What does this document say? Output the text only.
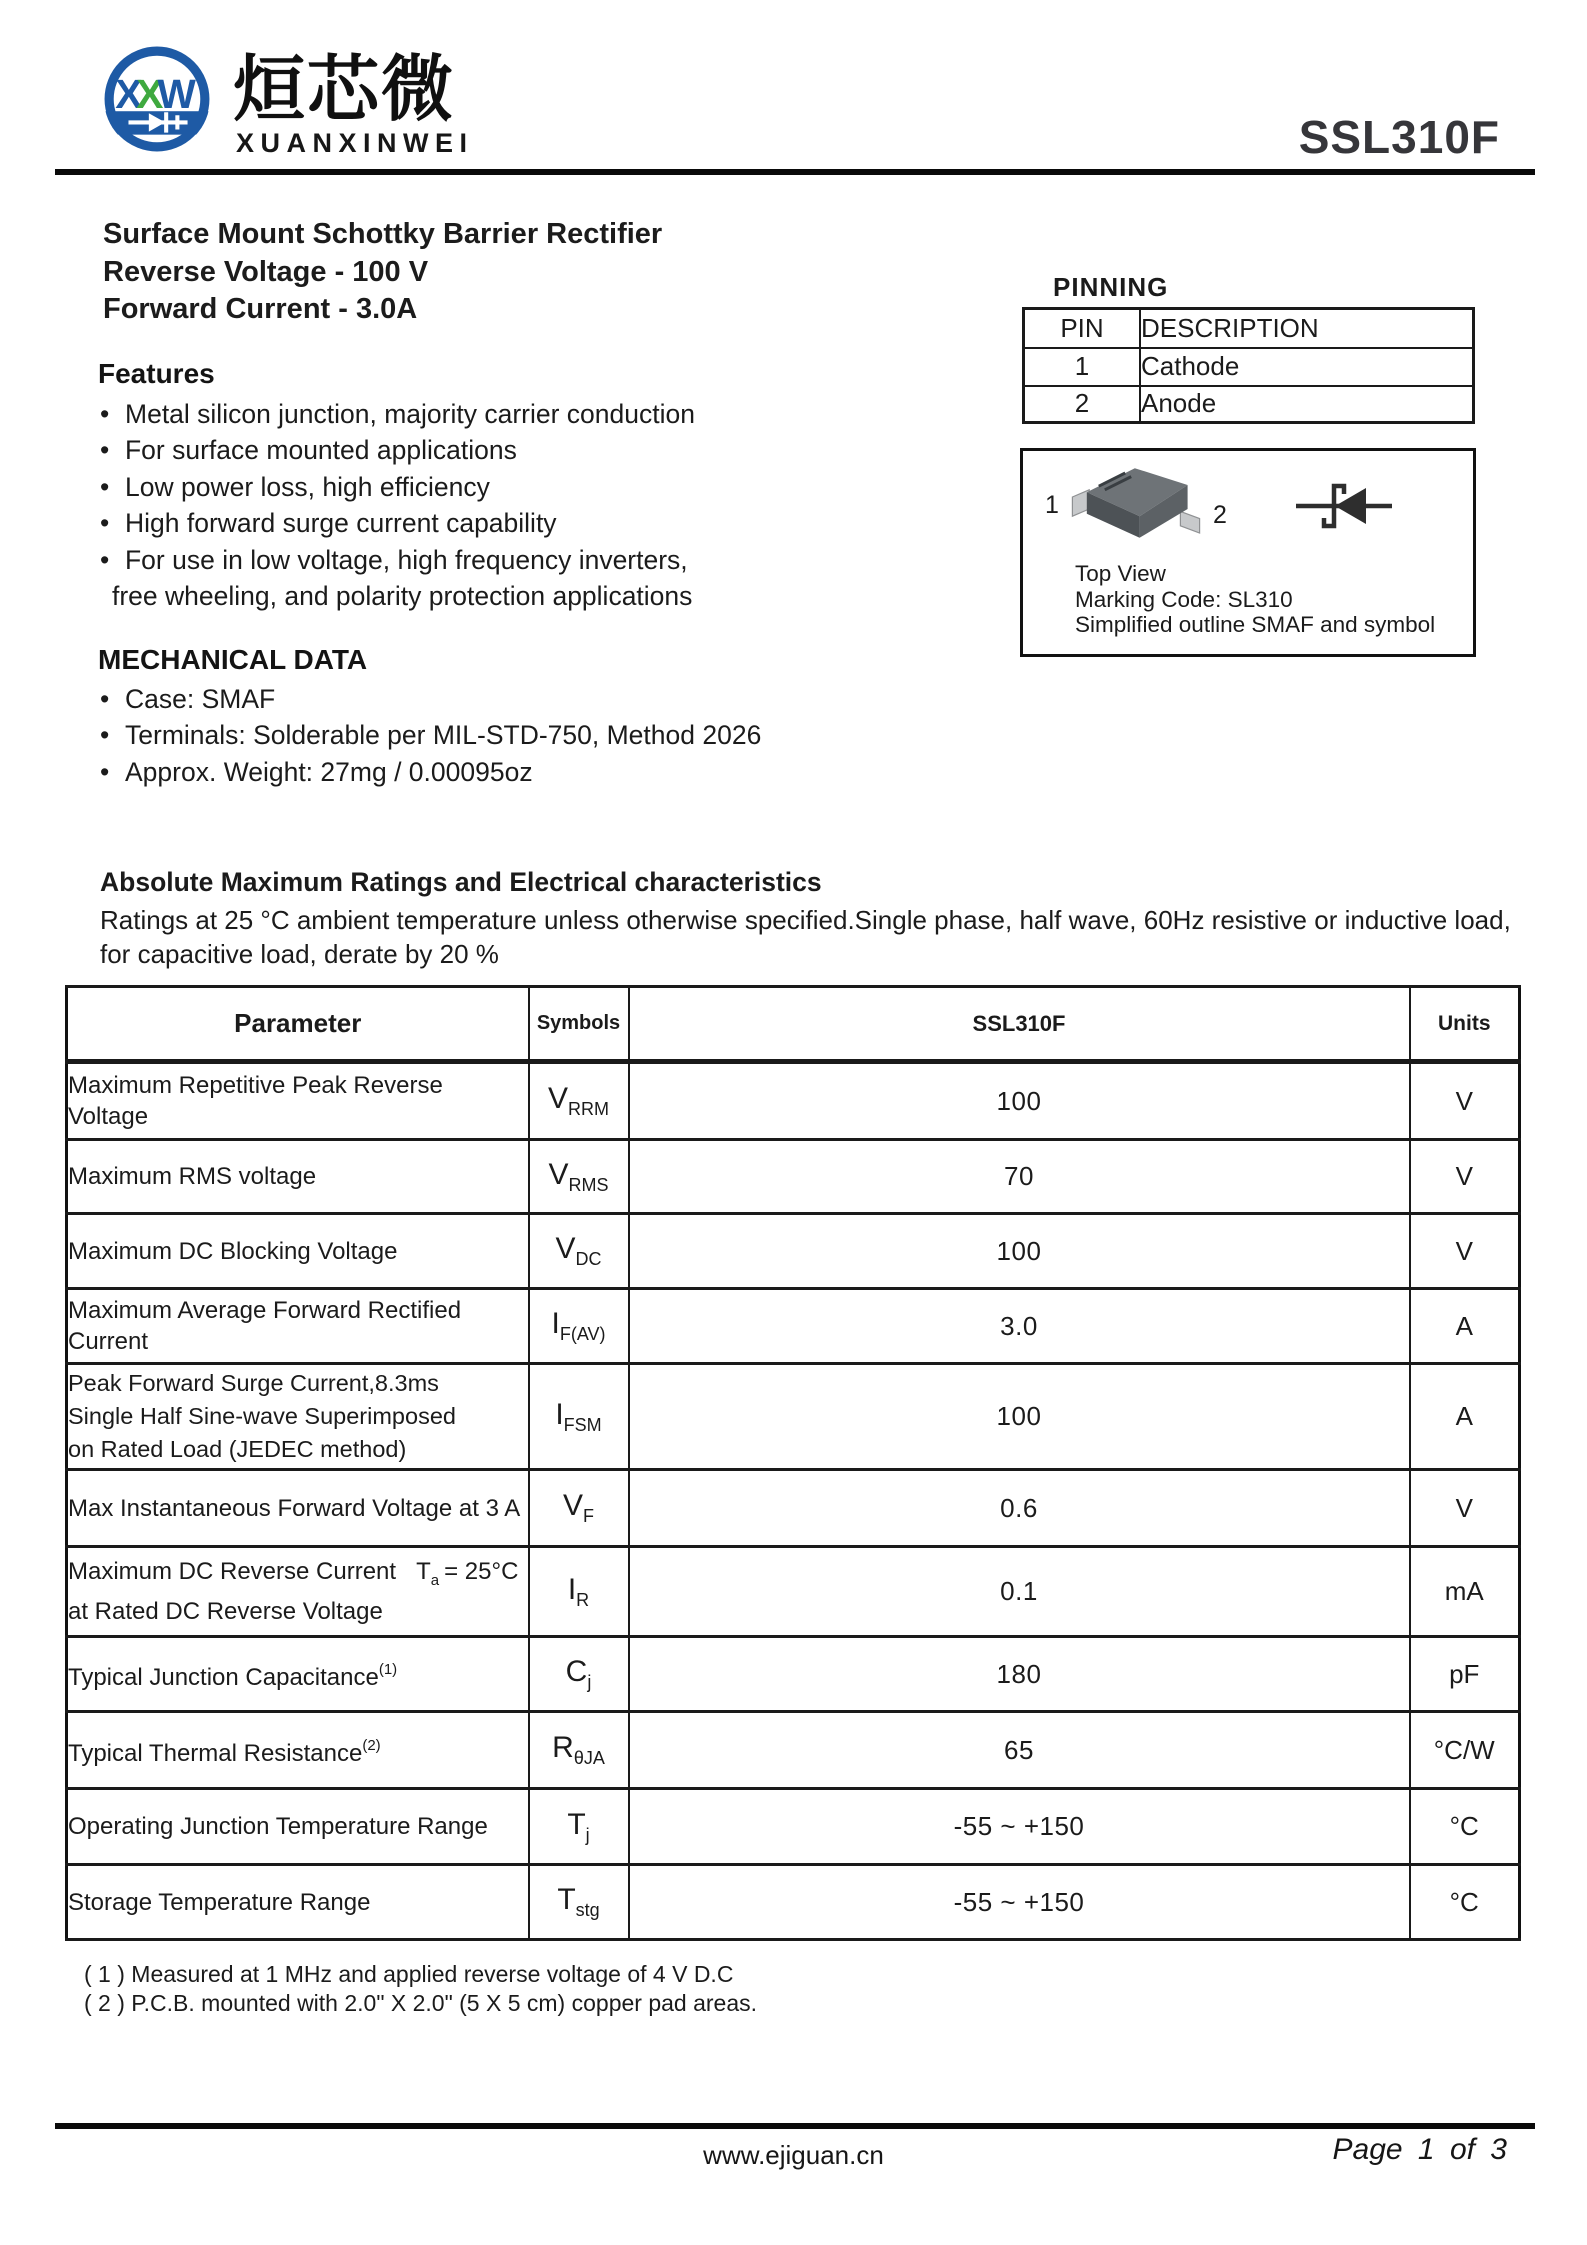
XXW 烜芯微
XUANXINWEI	SSL310F
Surface Mount Schottky Barrier Rectifier
Reverse Voltage - 100 V
Forward Current - 3.0A
PINNING
PIN	DESCRIPTION
1	Cathode
2	Anode
Features
• Metal silicon junction, majority carrier conduction
• For surface mounted applications
• Low power loss, high efficiency
• High forward surge current capability
• For use in low voltage, high frequency inverters,
free wheeling, and polarity protection applications
1	2
Top View
Marking Code: SL310
Simplified outline SMAF and symbol
MECHANICAL DATA
• Case: SMAF
• Terminals: Solderable per MIL-STD-750, Method 2026
• Approx. Weight: 27mg / 0.00095oz
Absolute Maximum Ratings and Electrical characteristics
Ratings at 25 °C ambient temperature unless otherwise specified.Single phase, half wave, 60Hz resistive or inductive load,
for capacitive load, derate by 20 %
Parameter	Symbols	SSL310F	Units
Maximum Repetitive Peak Reverse Voltage	$V_{RRM}$	100	V
Maximum RMS voltage	$V_{RMS}$	70	V
Maximum DC Blocking Voltage	$V_{DC}$	100	V
Maximum Average Forward Rectified Current	$I_{F(AV)}$	3.0	A

Peak Forward Surge Current,8.3ms
Single Half Sine-wave Superimposed
on Rated Load (JEDEC method)	$I_{FSM}$	100	A
Max Instantaneous Forward Voltage at 3 A	$V_F$	0.6	V

Maximum DC Reverse Current $T_a = 25^\circ C$
at Rated DC Reverse Voltage	$I_R$	0.1	mA
Typical Junction Capacitance$^{(1)}$	$C_j$	180	pF
Typical Thermal Resistance$^{(2)}$	$R_{\theta JA}$	65	°C/W
Operating Junction Temperature Range	$T_j$	-55 ~ +150	°C
Storage Temperature Range	$T_{stg}$	-55 ~ +150	°C
( 1 ) Measured at 1 MHz and applied reverse voltage of 4 V D.C
( 2 ) P.C.B. mounted with 2.0" X 2.0" (5 X 5 cm) copper pad areas.
www.ejiguan.cn	Page 1 of 3
